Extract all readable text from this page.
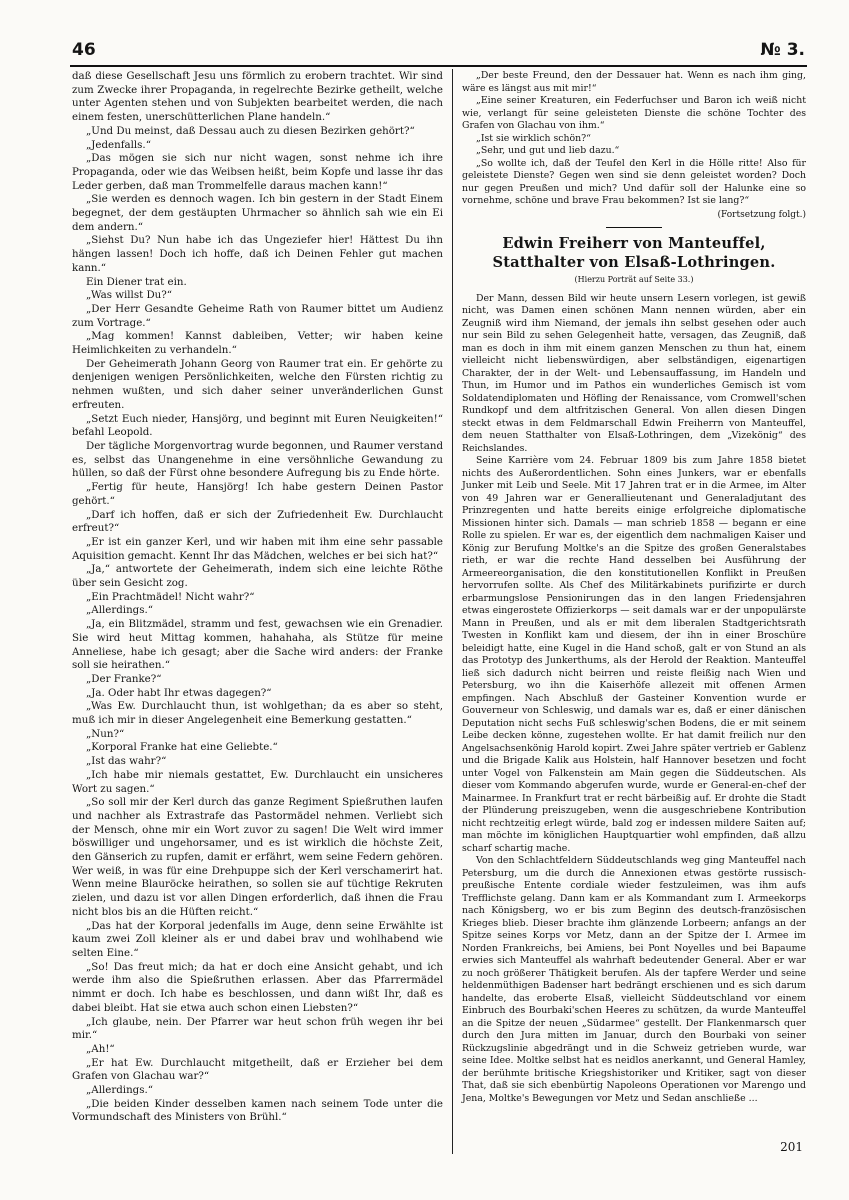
46	№ 3.

daß diese Gesellschaft Jesu uns förmlich zu erobern trachtet. Wir sind zum Zwecke ihrer Propaganda, in regelrechte Bezirke getheilt, welche unter Agenten stehen und von Subjekten bearbeitet werden, die nach einem festen, unerschütterlichen Plane handeln.“

„Und Du meinst, daß Dessau auch zu diesen Bezirken gehört?“

„Jedenfalls.“

„Das mögen sie sich nur nicht wagen, sonst nehme ich ihre Propaganda, oder wie das Weibsen heißt, beim Kopfe und lasse ihr das Leder gerben, daß man Trommelfelle daraus machen kann!“

„Sie werden es dennoch wagen. Ich bin gestern in der Stadt Einem begegnet, der dem gestäupten Uhrmacher so ähnlich sah wie ein Ei dem andern.“

„Siehst Du? Nun habe ich das Ungeziefer hier! Hättest Du ihn hängen lassen! Doch ich hoffe, daß ich Deinen Fehler gut machen kann.“

Ein Diener trat ein.

„Was willst Du?“

„Der Herr Gesandte Geheime Rath von Raumer bittet um Audienz zum Vortrage.“

„Mag kommen! Kannst dableiben, Vetter; wir haben keine Heimlichkeiten zu verhandeln.“

Der Geheimerath Johann Georg von Raumer trat ein. Er gehörte zu denjenigen wenigen Persönlichkeiten, welche den Fürsten richtig zu nehmen wußten, und sich daher seiner unveränderlichen Gunst erfreuten.

„Setzt Euch nieder, Hansjörg, und beginnt mit Euren Neuigkeiten!“ befahl Leopold.

Der tägliche Morgenvortrag wurde begonnen, und Raumer verstand es, selbst das Unangenehme in eine versöhnliche Gewandung zu hüllen, so daß der Fürst ohne besondere Aufregung bis zu Ende hörte.

„Fertig für heute, Hansjörg! Ich habe gestern Deinen Pastor gehört.“

„Darf ich hoffen, daß er sich der Zufriedenheit Ew. Durchlaucht erfreut?“

„Er ist ein ganzer Kerl, und wir haben mit ihm eine sehr passable Aquisition gemacht. Kennt Ihr das Mädchen, welches er bei sich hat?“

„Ja,“ antwortete der Geheimerath, indem sich eine leichte Röthe über sein Gesicht zog.

„Ein Prachtmädel! Nicht wahr?“

„Allerdings.“

„Ja, ein Blitzmädel, stramm und fest, gewachsen wie ein Grenadier. Sie wird heut Mittag kommen, hahahaha, als Stütze für meine Anneliese, habe ich gesagt; aber die Sache wird anders: der Franke soll sie heirathen.“

„Der Franke?“

„Ja. Oder habt Ihr etwas dagegen?“

„Was Ew. Durchlaucht thun, ist wohlgethan; da es aber so steht, muß ich mir in dieser Angelegenheit eine Bemerkung gestatten.“

„Nun?“

„Korporal Franke hat eine Geliebte.“

„Ist das wahr?“

„Ich habe mir niemals gestattet, Ew. Durchlaucht ein unsicheres Wort zu sagen.“

„So soll mir der Kerl durch das ganze Regiment Spießruthen laufen und nachher als Extrastrafe das Pastormädel nehmen. Verliebt sich der Mensch, ohne mir ein Wort zuvor zu sagen! Die Welt wird immer böswilliger und ungehorsamer, und es ist wirklich die höchste Zeit, den Gänserich zu rupfen, damit er erfährt, wem seine Federn gehören. Wer weiß, in was für eine Drehpuppe sich der Kerl verschamerirt hat. Wenn meine Blauröcke heirathen, so sollen sie auf tüchtige Rekruten zielen, und dazu ist vor allen Dingen erforderlich, daß ihnen die Frau nicht blos bis an die Hüften reicht.“

„Das hat der Korporal jedenfalls im Auge, denn seine Erwählte ist kaum zwei Zoll kleiner als er und dabei brav und wohlhabend wie selten Eine.“

„So! Das freut mich; da hat er doch eine Ansicht gehabt, und ich werde ihm also die Spießruthen erlassen. Aber das Pfarrermädel nimmt er doch. Ich habe es beschlossen, und dann wißt Ihr, daß es dabei bleibt. Hat sie etwa auch schon einen Liebsten?“

„Ich glaube, nein. Der Pfarrer war heut schon früh wegen ihr bei mir.“

„Ah!“

„Er hat Ew. Durchlaucht mitgetheilt, daß er Erzieher bei dem Grafen von Glachau war?“

„Allerdings.“

„Die beiden Kinder desselben kamen nach seinem Tode unter die Vormundschaft des Ministers von Brühl.“

„Der beste Freund, den der Dessauer hat. Wenn es nach ihm ging, wäre es längst aus mit mir!“

„Eine seiner Kreaturen, ein Federfuchser und Baron ich weiß nicht wie, verlangt für seine geleisteten Dienste die schöne Tochter des Grafen von Glachau von ihm.“

„Ist sie wirklich schön?“

„Sehr, und gut und lieb dazu.“

„So wollte ich, daß der Teufel den Kerl in die Hölle ritte! Also für geleistete Dienste? Gegen wen sind sie denn geleistet worden? Doch nur gegen Preußen und mich? Und dafür soll der Halunke eine so vornehme, schöne und brave Frau bekommen? Ist sie lang?“

(Fortsetzung folgt.)
Edwin Freiherr von Manteuffel, Statthalter von Elsaß-Lothringen.
(Hierzu Porträt auf Seite 33.)

Der Mann, dessen Bild wir heute unsern Lesern vorlegen, ist gewiß nicht, was Damen einen schönen Mann nennen würden, aber ein Zeugniß wird ihm Niemand, der jemals ihn selbst gesehen oder auch nur sein Bild zu sehen Gelegenheit hatte, versagen, das Zeugniß, daß man es doch in ihm mit einem ganzen Menschen zu thun hat, einem vielleicht nicht liebenswürdigen, aber selbständigen, eigenartigen Charakter, der in der Welt- und Lebensauffassung, im Handeln und Thun, im Humor und im Pathos ein wunderliches Gemisch ist vom Soldatendiplomaten und Höfling der Renaissance, vom Cromwell'schen Rundkopf und dem altfritzischen General. Von allen diesen Dingen steckt etwas in dem Feldmarschall Edwin Freiherrn von Manteuffel, dem neuen Statthalter von Elsaß-Lothringen, dem „Vizekönig“ des Reichslandes.

Seine Karrière vom 24. Februar 1809 bis zum Jahre 1858 bietet nichts des Außerordentlichen. Sohn eines Junkers, war er ebenfalls Junker mit Leib und Seele. Mit 17 Jahren trat er in die Armee, im Alter von 49 Jahren war er Generallieutenant und Generaladjutant des Prinzregenten und hatte bereits einige erfolgreiche diplomatische Missionen hinter sich. Damals — man schrieb 1858 — begann er eine Rolle zu spielen. Er war es, der eigentlich dem nachmaligen Kaiser und König zur Berufung Moltke's an die Spitze des großen Generalstabes rieth, er war die rechte Hand desselben bei Ausführung der Armeereorganisation, die den konstitutionellen Konflikt in Preußen hervorrufen sollte. Als Chef des Militärkabinets purifizirte er durch erbarmungslose Pensionirungen das in den langen Friedensjahren etwas eingerostete Offizierkorps — seit damals war er der unpopulärste Mann in Preußen, und als er mit dem liberalen Stadtgerichtsrath Twesten in Konflikt kam und diesem, der ihn in einer Broschüre beleidigt hatte, eine Kugel in die Hand schoß, galt er von Stund an als das Prototyp des Junkerthums, als der Herold der Reaktion. Manteuffel ließ sich dadurch nicht beirren und reiste fleißig nach Wien und Petersburg, wo ihn die Kaiserhöfe allezeit mit offenen Armen empfingen. Nach Abschluß der Gasteiner Konvention wurde er Gouverneur von Schleswig, und damals war es, daß er einer dänischen Deputation nicht sechs Fuß schleswig'schen Bodens, die er mit seinem Leibe decken könne, zugestehen wollte. Er hat damit freilich nur den Angelsachsenkönig Harold kopirt. Zwei Jahre später vertrieb er Gablenz und die Brigade Kalik aus Holstein, half Hannover besetzen und focht unter Vogel von Falkenstein am Main gegen die Süddeutschen. Als dieser vom Kommando abgerufen wurde, wurde er General-en-chef der Mainarmee. In Frankfurt trat er recht bärbeißig auf. Er drohte die Stadt der Plünderung preiszugeben, wenn die ausgeschriebene Kontribution nicht rechtzeitig erlegt würde, bald zog er indessen mildere Saiten auf; man möchte im königlichen Hauptquartier wohl empfinden, daß allzu scharf schartig mache.

Von den Schlachtfeldern Süddeutschlands weg ging Manteuffel nach Petersburg, um die durch die Annexionen etwas gestörte russisch-preußische Entente cordiale wieder festzuleimen, was ihm aufs Trefflichste gelang. Dann kam er als Kommandant zum I. Armeekorps nach Königsberg, wo er bis zum Beginn des deutsch-französischen Krieges blieb. Dieser brachte ihm glänzende Lorbeern; anfangs an der Spitze seines Korps vor Metz, dann an der Spitze der I. Armee im Norden Frankreichs, bei Amiens, bei Pont Noyelles und bei Bapaume erwies sich Manteuffel als wahrhaft bedeutender General. Aber er war zu noch größerer Thätigkeit berufen. Als der tapfere Werder und seine heldenmüthigen Badenser hart bedrängt erschienen und es sich darum handelte, das eroberte Elsaß, vielleicht Süddeutschland vor einem Einbruch des Bourbaki'schen Heeres zu schützen, da wurde Manteuffel an die Spitze der neuen „Südarmee“ gestellt. Der Flankenmarsch quer durch den Jura mitten im Januar, durch den Bourbaki von seiner Rückzugslinie abgedrängt und in die Schweiz getrieben wurde, war seine Idee. Moltke selbst hat es neidlos anerkannt, und General Hamley, der berühmte britische Kriegshistoriker und Kritiker, sagt von dieser That, daß sie sich ebenbürtig Napoleons Operationen vor Marengo und Jena, Moltke's Bewegungen vor Metz und Sedan anschließe ...

201
